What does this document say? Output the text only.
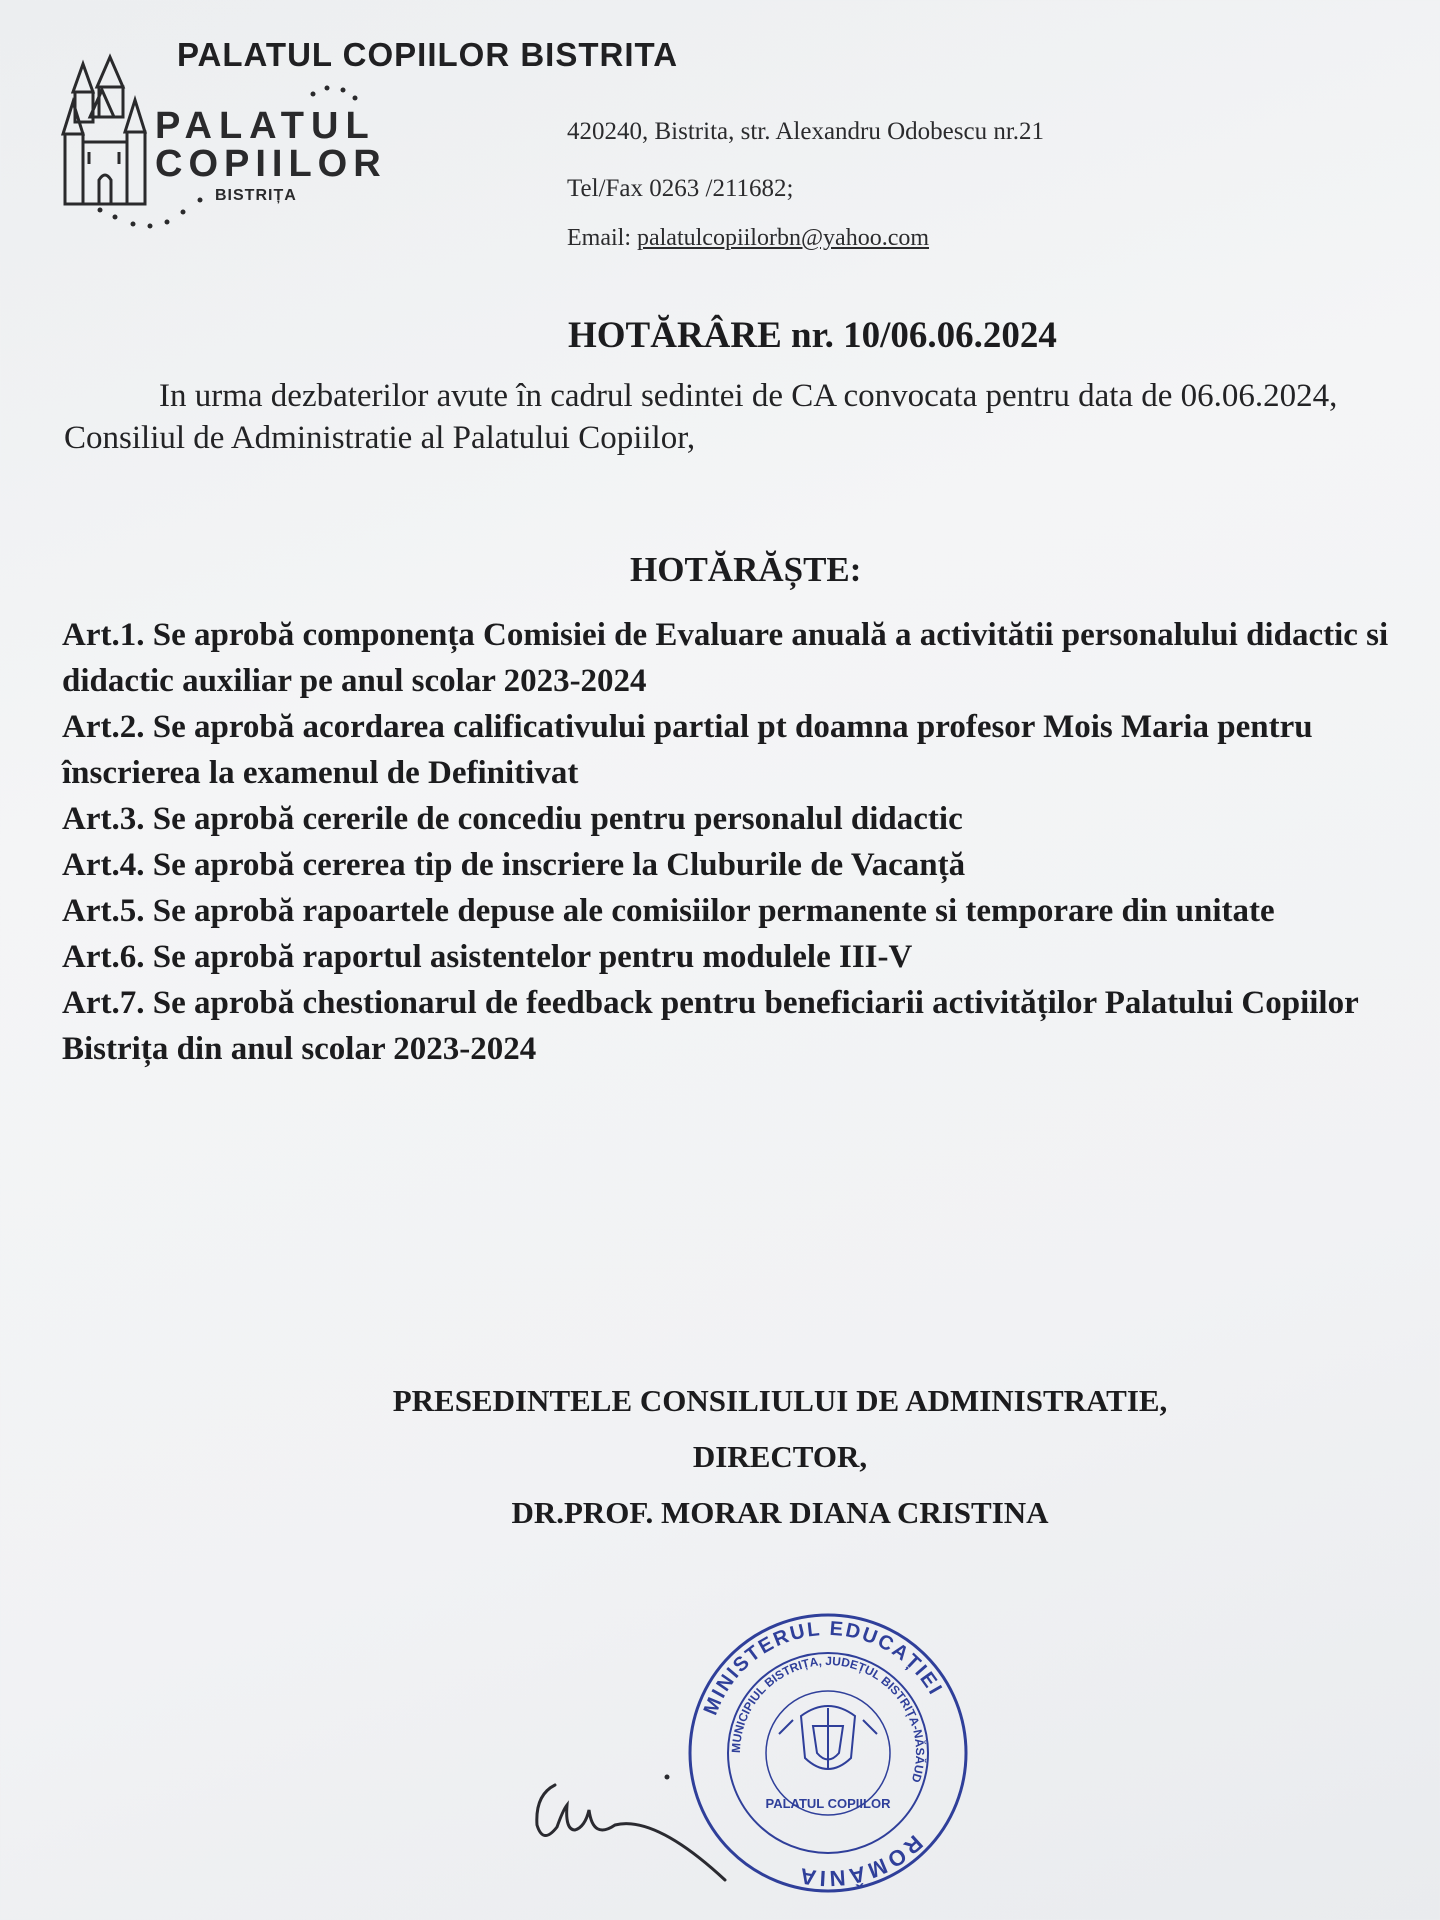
PALATUL
COPIILOR
BISTRIȚA
PALATUL COPIILOR BISTRITA
420240, Bistrita, str. Alexandru Odobescu nr.21
Tel/Fax 0263 /211682;
Email: palatulcopiilorbn@yahoo.com
HOTĂRÂRE nr. 10/06.06.2024
In urma dezbaterilor avute în cadrul sedintei de CA convocata pentru data de 06.06.2024, Consiliul de Administratie al Palatului Copiilor,
HOTĂRĂȘTE:
Art.1. Se aprobă componența Comisiei de Evaluare anuală a activitătii personalului didactic si didactic auxiliar pe anul scolar 2023-2024
Art.2. Se aprobă acordarea calificativului partial pt doamna profesor Mois Maria pentru înscrierea la examenul de Definitivat
Art.3. Se aprobă cererile de concediu pentru personalul didactic
Art.4. Se aprobă cererea tip de inscriere la Cluburile de Vacanță
Art.5. Se aprobă rapoartele depuse ale comisiilor permanente si temporare din unitate
Art.6. Se aprobă raportul asistentelor pentru modulele III-V
Art.7. Se aprobă chestionarul de feedback pentru beneficiarii activităților Palatului Copiilor Bistrița din anul scolar 2023-2024
PRESEDINTELE CONSILIULUI DE ADMINISTRATIE,
DIRECTOR,
DR.PROF. MORAR DIANA CRISTINA
ROMÂNIA
MINISTERUL EDUCAȚIEI
MUNICIPIUL BISTRIȚA, JUDEȚUL BISTRIȚA-NĂSĂUD
PALATUL COPIILOR
